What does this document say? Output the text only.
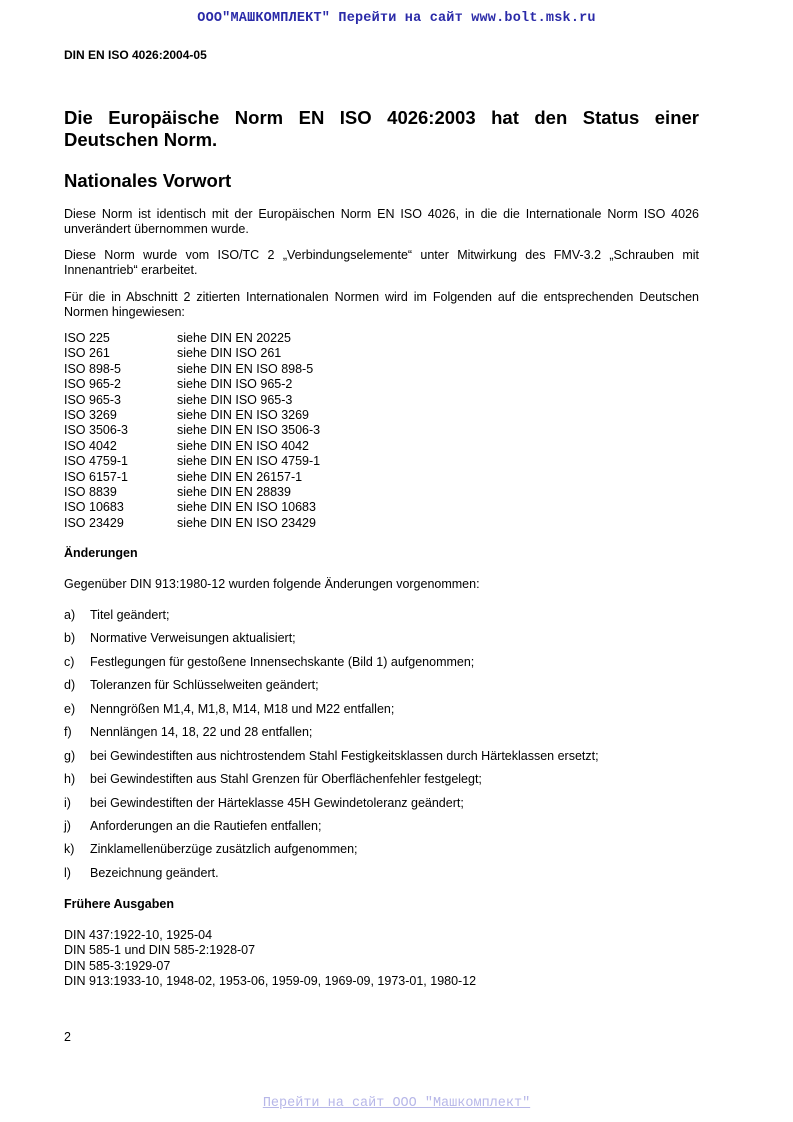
ООО"МАШКОМПЛЕКТ" Перейти на сайт www.bolt.msk.ru
DIN EN ISO 4026:2004-05
Die Europäische Norm EN ISO 4026:2003 hat den Status einer Deutschen Norm.
Nationales Vorwort

Diese Norm ist identisch mit der Europäischen Norm EN ISO 4026, in die die Internationale Norm ISO 4026 unverändert übernommen wurde.

Diese Norm wurde vom ISO/TC 2 „Verbindungselemente“ unter Mitwirkung des FMV-3.2 „Schrauben mit Innenantrieb“ erarbeitet.

Für die in Abschnitt 2 zitierten Internationalen Normen wird im Folgenden auf die entsprechenden Deutschen Normen hingewiesen:

ISO 225	siehe DIN EN 20225
ISO 261	siehe DIN ISO 261
ISO 898-5	siehe DIN EN ISO 898-5
ISO 965-2	siehe DIN ISO 965-2
ISO 965-3	siehe DIN ISO 965-3
ISO 3269	siehe DIN EN ISO 3269
ISO 3506-3	siehe DIN EN ISO 3506-3
ISO 4042	siehe DIN EN ISO 4042
ISO 4759-1	siehe DIN EN ISO 4759-1
ISO 6157-1	siehe DIN EN 26157-1
ISO 8839	siehe DIN EN 28839
ISO 10683	siehe DIN EN ISO 10683
ISO 23429	siehe DIN EN ISO 23429
Änderungen

Gegenüber DIN 913:1980-12 wurden folgende Änderungen vorgenommen:

a)	Titel geändert;
b)	Normative Verweisungen aktualisiert;
c)	Festlegungen für gestoßene Innensechskante (Bild 1) aufgenommen;
d)	Toleranzen für Schlüsselweiten geändert;
e)	Nenngrößen M1,4, M1,8, M14, M18 und M22 entfallen;
f)	Nennlängen 14, 18, 22 und 28 entfallen;
g)	bei Gewindestiften aus nichtrostendem Stahl Festigkeitsklassen durch Härteklassen ersetzt;
h)	bei Gewindestiften aus Stahl Grenzen für Oberflächenfehler festgelegt;
i)	bei Gewindestiften der Härteklasse 45H Gewindetoleranz geändert;
j)	Anforderungen an die Rautiefen entfallen;
k)	Zinklamellenüberzüge zusätzlich aufgenommen;
l)	Bezeichnung geändert.
Frühere Ausgaben
DIN 437:1922-10, 1925-04
DIN 585-1 und DIN 585-2:1928-07
DIN 585-3:1929-07
DIN 913:1933-10, 1948-02, 1953-06, 1959-09, 1969-09, 1973-01, 1980-12
2
Перейти на сайт ООО "Машкомплект"
